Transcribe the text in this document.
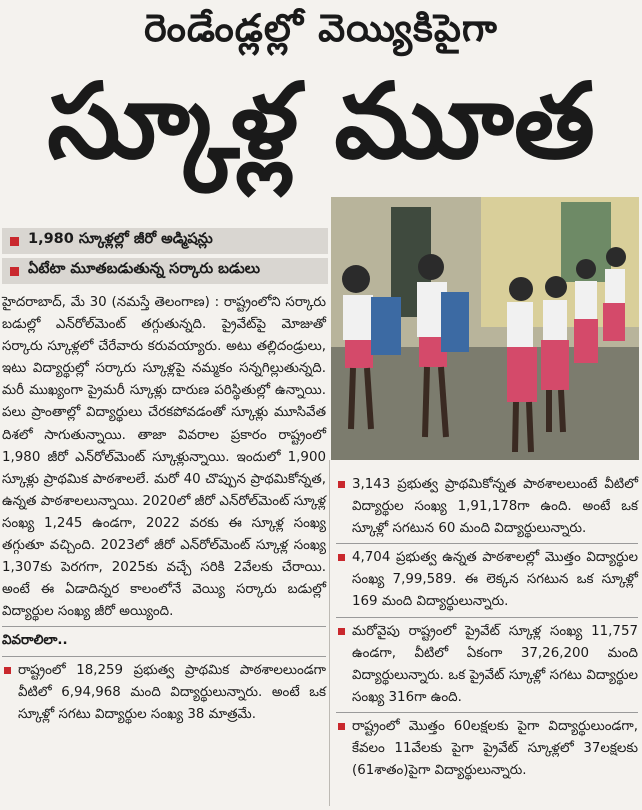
రెండేండ్లల్లో వెయ్యికిపైగా
స్కూళ్ల మూత
1,980 స్కూళ్లల్లో జీరో అడ్మిషన్లు
ఏటేటా మూతబడుతున్న సర్కారు బడులు

హైదరాబాద్, మే 30 (నమస్తే తెలంగాణ) : రాష్ట్రంలోని సర్కారు బడుల్లో ఎన్‌రోల్‌మెంట్ తగ్గుతున్నది. ప్రైవేట్‌పై మోజుతో సర్కారు స్కూళ్లలో చేరేవారు కరువయ్యారు. అటు తల్లిదండ్రులు, ఇటు విద్యార్థుల్లో సర్కారు స్కూళ్లపై నమ్మకం సన్నగిల్లుతున్నది. మరీ ముఖ్యంగా ప్రైమరీ స్కూళ్లు దారుణ పరిస్థితుల్లో ఉన్నాయి. పలు ప్రాంతాల్లో విద్యార్థులు చేరకపోవడంతో స్కూళ్లు మూసివేత దిశలో సాగుతున్నాయి. తాజా వివరాల ప్రకారం రాష్ట్రంలో 1,980 జీరో ఎన్‌రోల్‌మెంట్ స్కూళ్లున్నాయి. ఇందులో 1,900 స్కూళ్లు ప్రాథమిక పాఠశాలలే. మరో 40 చొప్పున ప్రాథమికోన్నత, ఉన్నత పాఠశాలలున్నాయి. 2020లో జీరో ఎన్‌రోల్‌మెంట్ స్కూళ్ల సంఖ్య 1,245 ఉండగా, 2022 వరకు ఈ స్కూళ్ల సంఖ్య తగ్గుతూ వచ్చింది. 2023లో జీరో ఎన్‌రోల్‌మెంట్ స్కూళ్ల సంఖ్య 1,307కు పెరగగా, 2025కు వచ్చే సరికి 2వేలకు చేరాయి. అంటే ఈ ఏడాదిన్నర కాలంలోనే వెయ్యి సర్కారు బడుల్లో విద్యార్థుల సంఖ్య జీరో అయ్యింది.

వివరాలిలా..

రాష్ట్రంలో 18,259 ప్రభుత్వ ప్రాథమిక పాఠశాలలుండగా వీటిలో 6,94,968 మంది విద్యార్థులున్నారు. అంటే ఒక స్కూళ్లో సగటు విద్యార్థుల సంఖ్య 38 మాత్రమే.

3,143 ప్రభుత్వ ప్రాథమికోన్నత పాఠశాలలుంటే వీటిలో విద్యార్థుల సంఖ్య 1,91,178గా ఉంది. అంటే ఒక స్కూళ్లో సగటున 60 మంది విద్యార్థులున్నారు.

4,704 ప్రభుత్వ ఉన్నత పాఠశాలల్లో మొత్తం విద్యార్థుల సంఖ్య 7,99,589. ఈ లెక్కన సగటున ఒక స్కూళ్లో 169 మంది విద్యార్థులున్నారు.

మరోవైపు రాష్ట్రంలో ప్రైవేట్ స్కూళ్ల సంఖ్య 11,757 ఉండగా, వీటిలో ఏకంగా 37,26,200 మంది విద్యార్థులున్నారు. ఒక ప్రైవేట్ స్కూళ్లో సగటు విద్యార్థుల సంఖ్య 316గా ఉంది.

రాష్ట్రంలో మొత్తం 60లక్షలకు పైగా విద్యార్థులుండగా, కేవలం 11వేలకు పైగా ప్రైవేట్ స్కూళ్లలో 37లక్షలకు (61శాతం)పైగా విద్యార్థులున్నారు.
